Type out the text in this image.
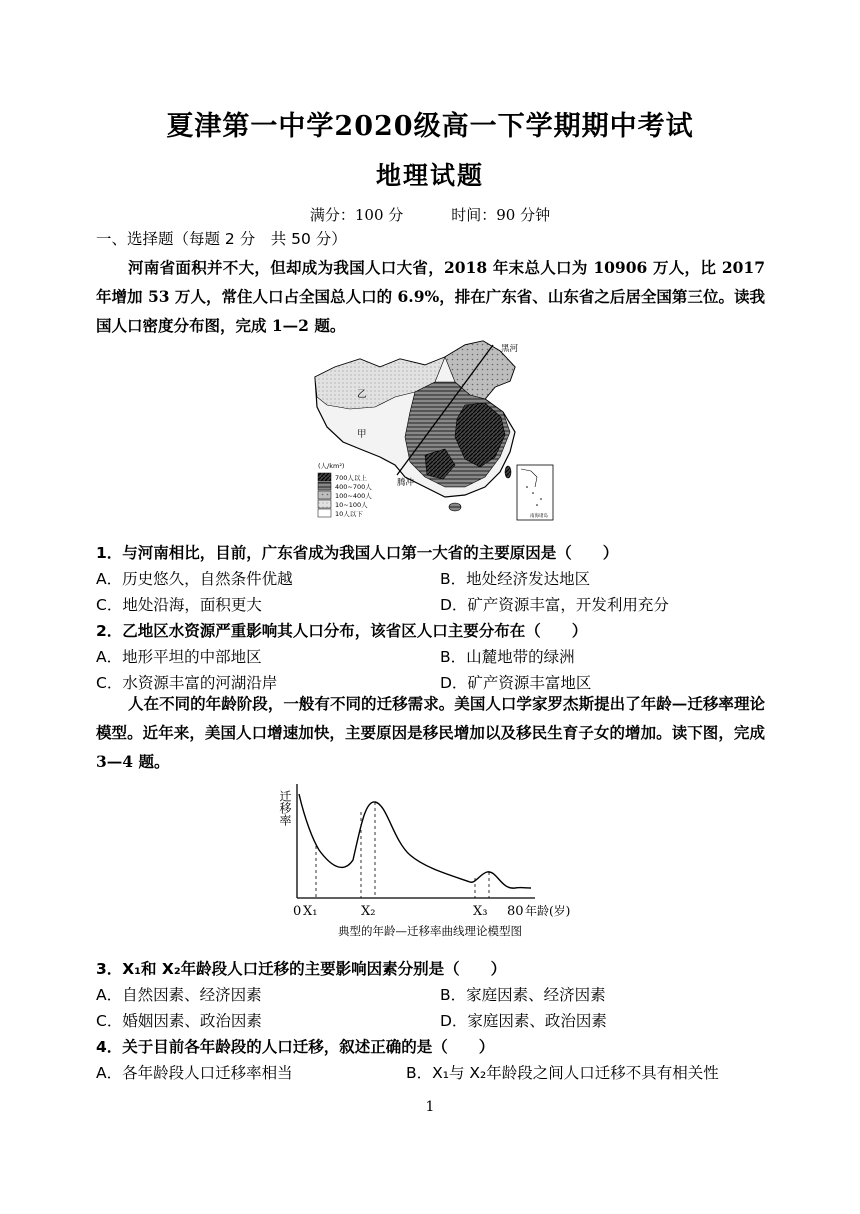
夏津第一中学2020级高一下学期期中考试
地理试题
满分：100 分	时间：90 分钟
一、选择题（每题 2 分　共 50 分）
河南省面积并不大，但却成为我国人口大省，2018 年末总人口为 10906 万人，比 2017 年增加 53 万人，常住人口占全国总人口的 6.9%，排在广东省、山东省之后居全国第三位。读我国人口密度分布图，完成 1—2 题。
黑河
乙
甲
腾冲
(人/km²)
700人以上
400~700人
100~400人
10~100人
10人以下	南海诸岛
1．与河南相比，目前，广东省成为我国人口第一大省的主要原因是（　　）
A．历史悠久，自然条件优越	B．地处经济发达地区
C．地处沿海，面积更大	D．矿产资源丰富，开发利用充分
2．乙地区水资源严重影响其人口分布，该省区人口主要分布在（　　）
A．地形平坦的中部地区	B．山麓地带的绿洲
C．水资源丰富的河湖沿岸	D．矿产资源丰富地区
人在不同的年龄阶段，一般有不同的迁移需求。美国人口学家罗杰斯提出了年龄—迁移率理论模型。近年来，美国人口增速加快，主要原因是移民增加以及移民生育子女的增加。读下图，完成 3—4 题。
迁移率
0 X₁	X₂	X₃ 80 年龄(岁)
典型的年龄—迁移率曲线理论模型图
3．X₁和 X₂年龄段人口迁移的主要影响因素分别是（　　）
A．自然因素、经济因素	B．家庭因素、经济因素
C．婚姻因素、政治因素	D．家庭因素、政治因素
4．关于目前各年龄段的人口迁移，叙述正确的是（　　）
A．各年龄段人口迁移率相当	B．X₁与 X₂年龄段之间人口迁移不具有相关性
1
